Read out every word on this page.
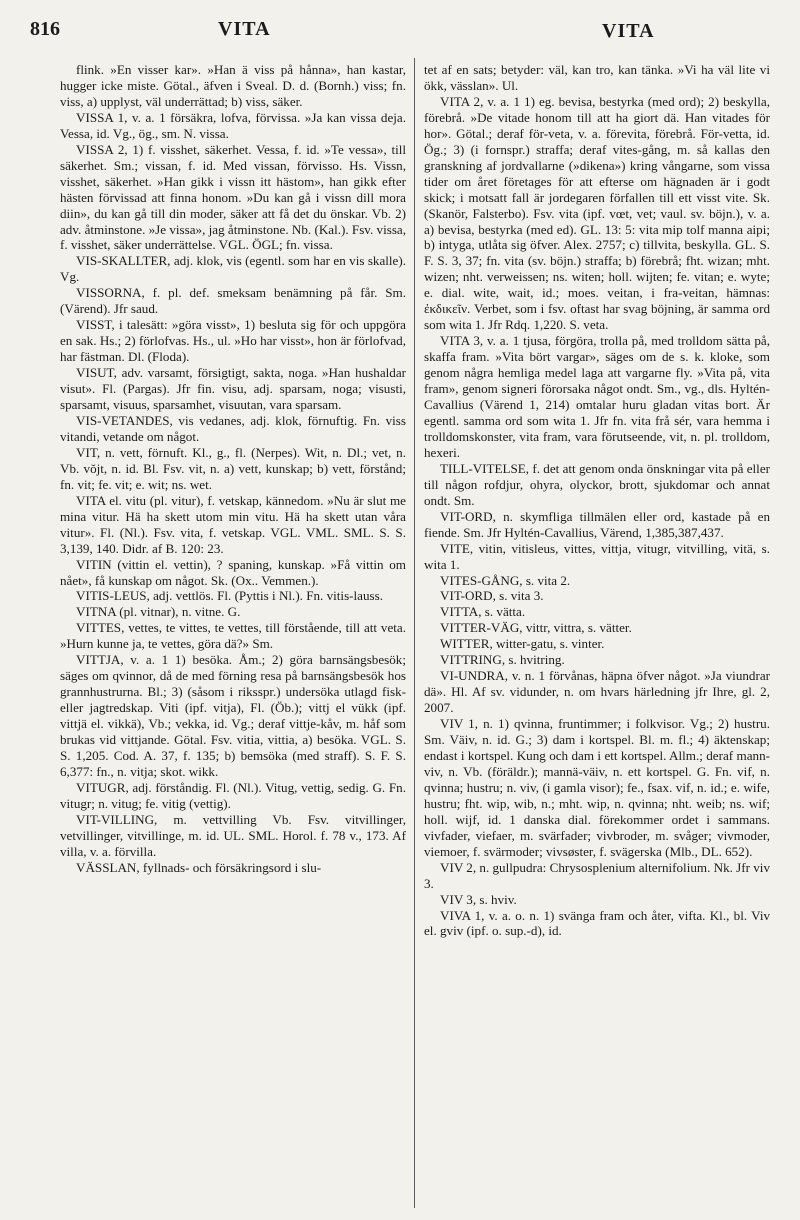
816	VITA	VITA

flink. »En visser kar». »Han ä viss på hånna», han kastar, hugger icke miste. Götal., äfven i Sveal. D. d. (Bornh.) viss; fn. viss, a) upplyst, väl underrättad; b) viss, säker.

VISSA 1, v. a. 1 försäkra, lofva, förvissa. »Ja kan vissa deja. Vessa, id. Vg., ög., sm. N. vissa.

VISSA 2, 1) f. visshet, säkerhet. Vessa, f. id. »Te vessa», till säkerhet. Sm.; vissan, f. id. Med vissan, förvisso. Hs. Vissn, visshet, säkerhet. »Han gikk i vissn itt hästom», han gikk efter hästen förvissad att finna honom. »Du kan gå i vissn dill mora diin», du kan gå till din moder, säker att få det du önskar. Vb. 2) adv. åtminstone. »Je vissa», jag åtminstone. Nb. (Kal.). Fsv. vissa, f. visshet, säker underrättelse. VGL. ÖGL; fn. vissa.

VIS-SKALLTER, adj. klok, vis (egentl. som har en vis skalle). Vg.

VISSORNA, f. pl. def. smeksam benämning på får. Sm. (Värend). Jfr saud.

VISST, i talesätt: »göra visst», 1) besluta sig för och uppgöra en sak. Hs.; 2) förlofvas. Hs., ul. »Ho har visst», hon är förlofvad, har fästman. Dl. (Floda).

VISUT, adv. varsamt, försigtigt, sakta, noga. »Han hushaldar visut». Fl. (Pargas). Jfr fin. visu, adj. sparsam, noga; visusti, sparsamt, visuus, sparsamhet, visuutan, vara sparsam.

VIS-VETANDES, vis vedanes, adj. klok, förnuftig. Fn. viss vitandi, vetande om något.

VIT, n. vett, förnuft. Kl., g., fl. (Nerpes). Wit, n. Dl.; vet, n. Vb. vŏjt, n. id. Bl. Fsv. vit, n. a) vett, kunskap; b) vett, förstånd; fn. vit; fe. vit; e. wit; ns. wet.

VITA el. vitu (pl. vitur), f. vetskap, kännedom. »Nu är slut me mina vitur. Hä ha skett utom min vitu. Hä ha skett utan våra vitur». Fl. (Nl.). Fsv. vita, f. vetskap. VGL. VML. SML. S. S. 3,139, 140. Didr. af B. 120: 23.

VITIN (vittin el. vettin), ? spaning, kunskap. »Få vittin om nået», få kunskap om något. Sk. (Ox.. Vemmen.).

VITIS-LEUS, adj. vettlös. Fl. (Pyttis i Nl.). Fn. vitis-lauss.

VITNA (pl. vitnar), n. vitne. G.

VITTES, vettes, te vittes, te vettes, till förstående, till att veta. »Hurn kunne ja, te vettes, göra dä?» Sm.

VITTJA, v. a. 1 1) besöka. Åm.; 2) göra barnsängsbesök; säges om qvinnor, då de med förning resa på barnsängsbesök hos grannhustrurna. Bl.; 3) (såsom i riksspr.) undersöka utlagd fisk- eller jagtredskap. Viti (ipf. vitja), Fl. (Öb.); vittj el vükk (ipf. vittjä el. vikkä), Vb.; vekka, id. Vg.; deraf vittje-kåv, m. håf som brukas vid vittjande. Götal. Fsv. vitia, vittia, a) besöka. VGL. S. S. 1,205. Cod. A. 37, f. 135; b) bemsöka (med straff). S. F. S. 6,377: fn., n. vitja; skot. wikk.

VITUGR, adj. förståndig. Fl. (Nl.). Vitug, vettig, sedig. G. Fn. vitugr; n. vitug; fe. vitig (vettig).

VIT-VILLING, m. vettvilling Vb. Fsv. vitvillinger, vetvillinger, vitvillinge, m. id. UL. SML. Horol. f. 78 v., 173. Af villa, v. a. förvilla.

VÄSSLAN, fyllnads- och försäkringsord i slu-

tet af en sats; betyder: väl, kan tro, kan tänka. »Vi ha väl lite vi ökk, vässlan». Ul.

VITA 2, v. a. 1 1) eg. bevisa, bestyrka (med ord); 2) beskylla, förebrå. »De vitade honom till att ha giort dä. Han vitades för hor». Götal.; deraf för-veta, v. a. förevita, förebrå. För-vetta, id. Ög.; 3) (i fornspr.) straffa; deraf vites-gång, m. så kallas den granskning af jordvallarne (»dikena») kring vångarne, som vissa tider om året företages för att efterse om hägnaden är i godt skick; i motsatt fall är jordegaren förfallen till ett visst vite. Sk. (Skanör, Falsterbo). Fsv. vita (ipf. vœt, vet; vaul. sv. böjn.), v. a. a) bevisa, bestyrka (med ed). GL. 13: 5: vita mip tolf manna aipi; b) intyga, utlåta sig öfver. Alex. 2757; c) tillvita, beskylla. GL. S. F. S. 3, 37; fn. vita (sv. böjn.) straffa; b) förebrå; fht. wizan; mht. wizen; nht. verweissen; ns. witen; holl. wijten; fe. vitan; e. wyte; e. dial. wite, wait, id.; moes. veitan, i fra-veitan, hämnas: ἐκδικεῖν. Verbet, som i fsv. oftast har svag böjning, är samma ord som wita 1. Jfr Rdq. 1,220. S. veta.

VITA 3, v. a. 1 tjusa, förgöra, trolla på, med trolldom sätta på, skaffa fram. »Vita bört vargar», säges om de s. k. kloke, som genom några hemliga medel laga att vargarne fly. »Vita på, vita fram», genom signeri förorsaka något ondt. Sm., vg., dls. Hyltén-Cavallius (Värend 1, 214) omtalar huru gladan vitas bort. Är egentl. samma ord som wita 1. Jfr fn. vita frå sér, vara hemma i trolldomskonster, vita fram, vara förutseende, vit, n. pl. trolldom, hexeri.

TILL-VITELSE, f. det att genom onda önskningar vita på eller till någon rofdjur, ohyra, olyckor, brott, sjukdomar och annat ondt. Sm.

VIT-ORD, n. skymfliga tillmälen eller ord, kastade på en fiende. Sm. Jfr Hyltén-Cavallius, Värend, 1,385,387,437.

VITE, vitin, vitisleus, vittes, vittja, vitugr, vitvilling, vitä, s. wita 1.

VITES-GÅNG, s. vita 2.

VIT-ORD, s. vita 3.

VITTA, s. vätta.

VITTER-VÄG, vittr, vittra, s. vätter.

WITTER, witter-gatu, s. vinter.

VITTRING, s. hvitring.

VI-UNDRA, v. n. 1 förvånas, häpna öfver något. »Ja viundrar dä». Hl. Af sv. vidunder, n. om hvars härledning jfr Ihre, gl. 2, 2007.

VIV 1, n. 1) qvinna, fruntimmer; i folkvisor. Vg.; 2) hustru. Sm. Väiv, n. id. G.; 3) dam i kortspel. Bl. m. fl.; 4) äktenskap; endast i kortspel. Kung och dam i ett kortspel. Allm.; deraf mann-viv, n. Vb. (föräldr.); mannä-väiv, n. ett kortspel. G. Fn. vif, n. qvinna; hustru; n. viv, (i gamla visor); fe., fsax. vif, n. id.; e. wife, hustru; fht. wip, wib, n.; mht. wip, n. qvinna; nht. weib; ns. wif; holl. wijf, id. 1 danska dial. förekommer ordet i sammans. vivfader, viefaer, m. svärfader; vivbroder, m. svåger; vivmoder, viemoer, f. svärmoder; vivsøster, f. svägerska (Mlb., DL. 652).

VIV 2, n. gullpudra: Chrysosplenium alternifolium. Nk. Jfr viv 3.

VIV 3, s. hviv.

VIVA 1, v. a. o. n. 1) svänga fram och åter, vifta. Kl., bl. Viv el. gviv (ipf. o. sup.-d), id.
